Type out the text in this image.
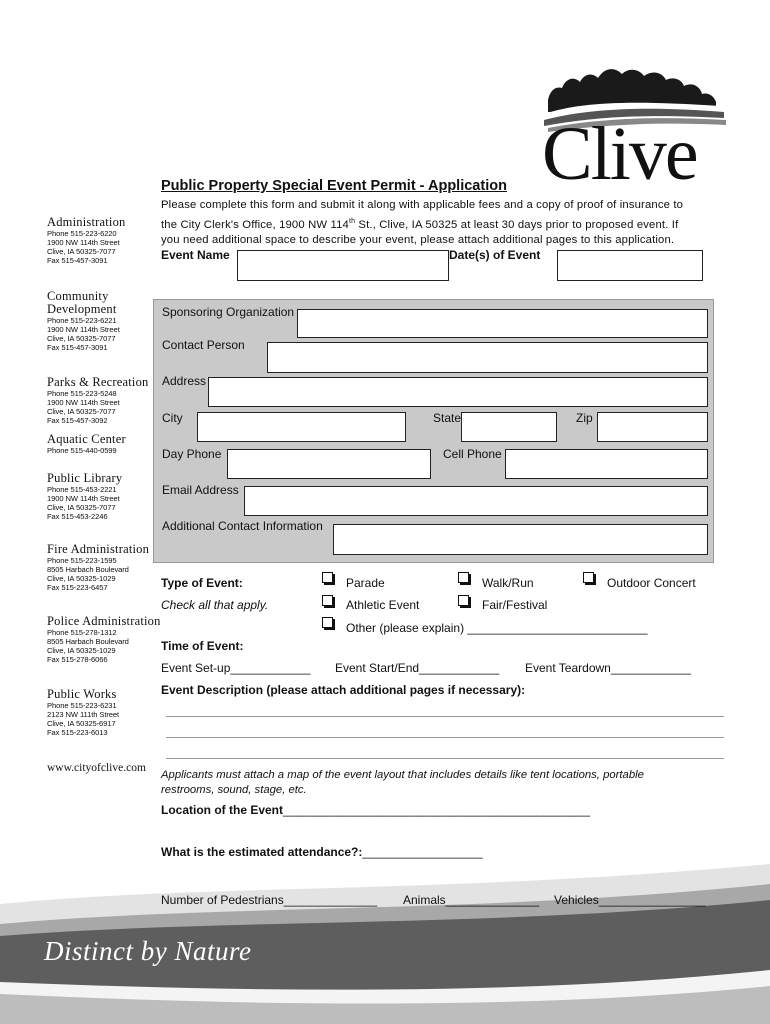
Clive
Public Property Special Event Permit - Application
Please complete this form and submit it along with applicable fees and a copy of proof of insurance to
the City Clerk's Office, 1900 NW 114th St., Clive, IA 50325 at least 30 days prior to proposed event. If
you need additional space to describe your event, please attach additional pages to this application.
Administration
Phone 515-223-6220
1900 NW 114th Street
Clive, IA 50325-7077
Fax 515-457-3091
Community
Development
Phone 515-223-6221
1900 NW 114th Street
Clive, IA 50325-7077
Fax 515-457-3091
Parks & Recreation
Phone 515-223-5248
1900 NW 114th Street
Clive, IA 50325-7077
Fax 515-457-3092
Aquatic Center
Phone 515-440-0599
Public Library
Phone 515-453-2221
1900 NW 114th Street
Clive, IA 50325-7077
Fax 515-453-2246
Fire Administration
Phone 515-223-1595
8505 Harbach Boulevard
Clive, IA 50325-1029
Fax 515-223-6457
Police Administration
Phone 515-278-1312
8505 Harbach Boulevard
Clive, IA 50325-1029
Fax 515-278-6066
Public Works
Phone 515-223-6231
2123 NW 111th Street
Clive, IA 50325-6917
Fax 515-223-6013
www.cityofclive.com
Event Name	Date(s) of Event
Sponsoring Organization
Contact Person
Address
City	State	Zip
Day Phone	Cell Phone
Email Address
Additional Contact Information
Type of Event:
Check all that apply.
Parade	Walk/Run	Outdoor Concert
Athletic Event	Fair/Festival
Other (please explain) ___________________________
Time of Event:
Event Set-up____________ Event Start/End____________ Event Teardown____________
Event Description (please attach additional pages if necessary):
Applicants must attach a map of the event layout that includes details like tent locations, portable
restrooms, sound, stage, etc.
Location of the Event______________________________________________
What is the estimated attendance?:__________________
Number of Pedestrians______________ Animals______________ Vehicles________________
Distinct by Nature
